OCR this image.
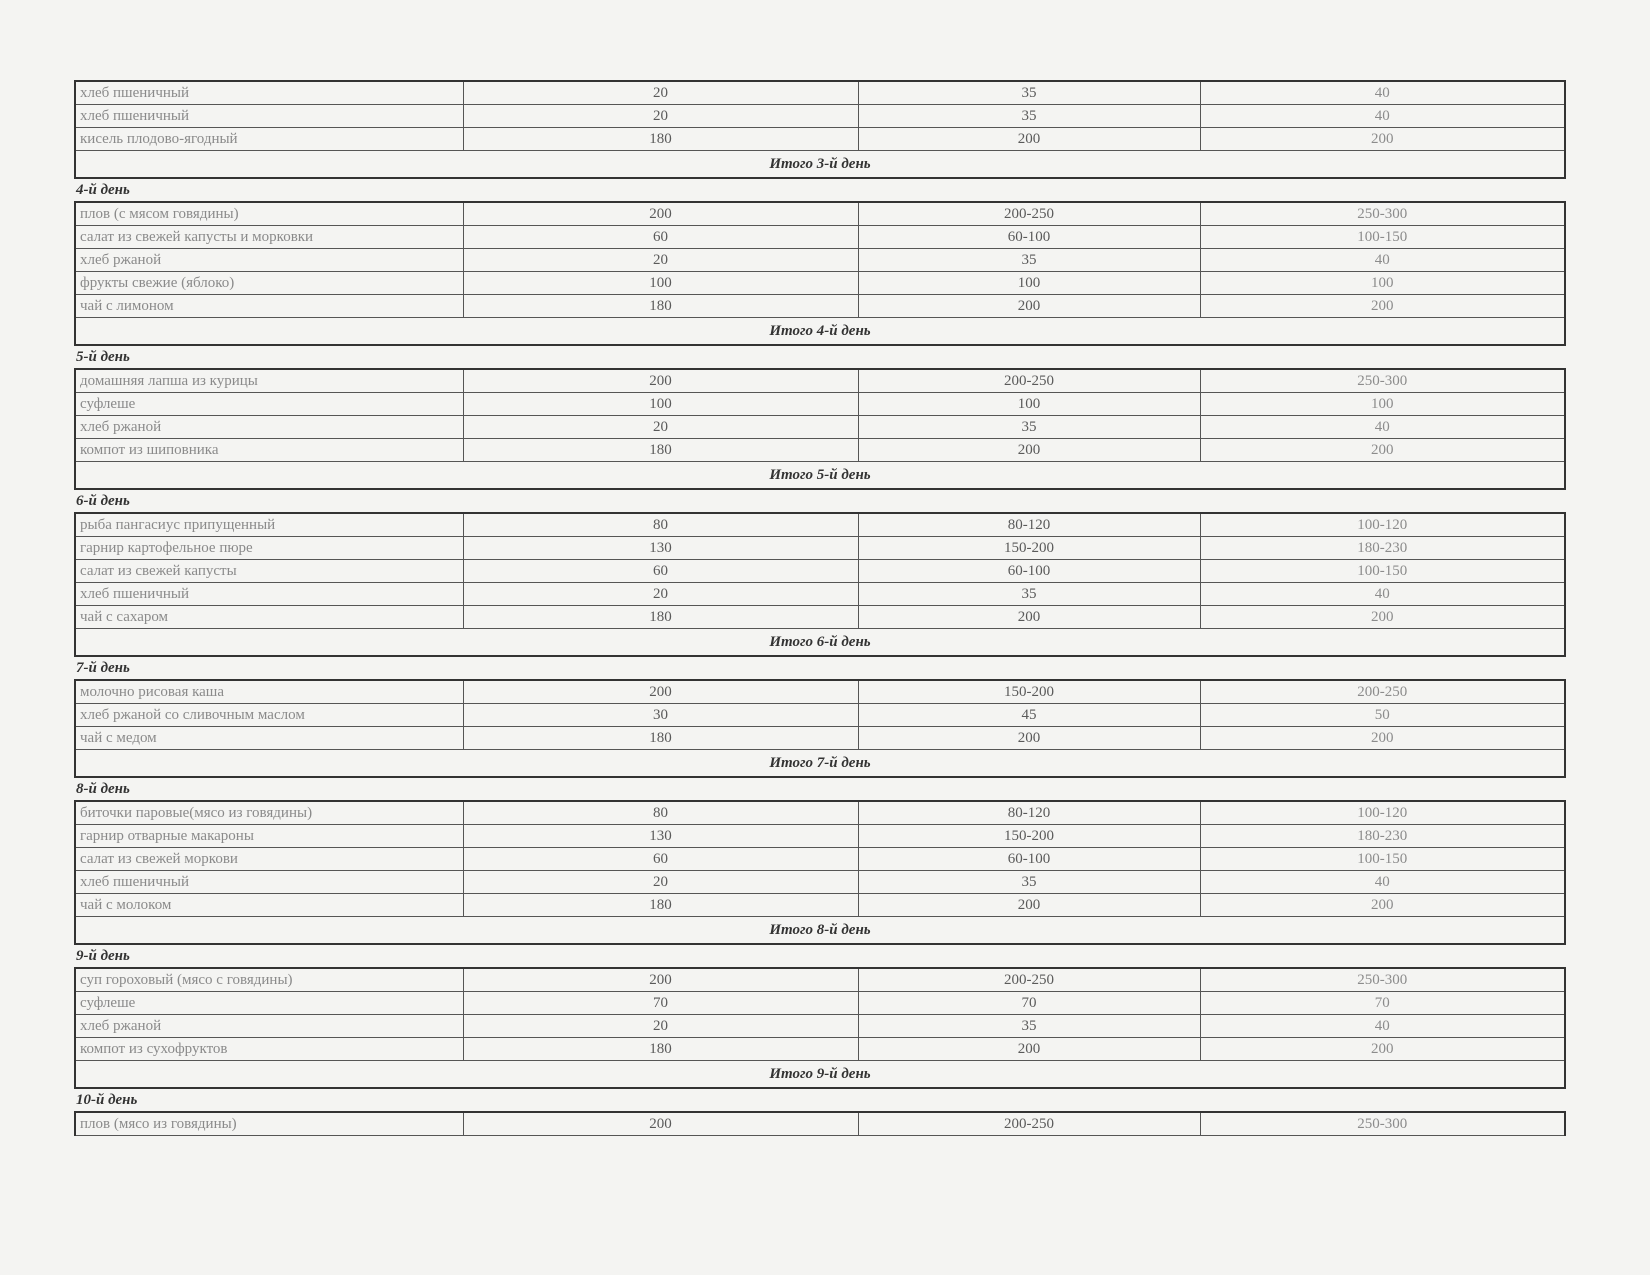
хлеб пшеничный	20	35	40
хлеб пшеничный	20	35	40
кисель плодово-ягодный	180	200	200
Итого 3-й день			
4-й день
плов (с мясом говядины)	200	200-250	250-300
салат из свежей капусты и морковки	60	60-100	100-150
хлеб ржаной	20	35	40
фрукты свежие (яблоко)	100	100	100
чай с лимоном	180	200	200
Итого 4-й день			
5-й день
домашняя лапша из курицы	200	200-250	250-300
суфлеше	100	100	100
хлеб ржаной	20	35	40
компот из шиповника	180	200	200
Итого 5-й день			
6-й день
рыба пангасиус припущенный	80	80-120	100-120
гарнир картофельное пюре	130	150-200	180-230
салат из свежей капусты	60	60-100	100-150
хлеб пшеничный	20	35	40
чай с сахаром	180	200	200
Итого 6-й день			
7-й день
молочно рисовая каша	200	150-200	200-250
хлеб ржаной со сливочным маслом	30	45	50
чай с медом	180	200	200
Итого 7-й день			
8-й день
биточки паровые(мясо из говядины)	80	80-120	100-120
гарнир отварные макароны	130	150-200	180-230
салат из свежей моркови	60	60-100	100-150
хлеб пшеничный	20	35	40
чай с молоком	180	200	200
Итого 8-й день			
9-й день
суп гороховый (мясо с говядины)	200	200-250	250-300
суфлеше	70	70	70
хлеб ржаной	20	35	40
компот из сухофруктов	180	200	200
Итого 9-й день			
10-й день
плов (мясо из говядины)	200	200-250	250-300
